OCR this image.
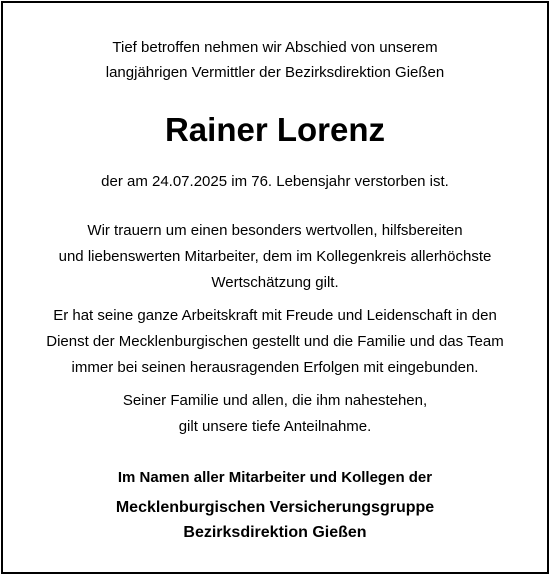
Tief betroffen nehmen wir Abschied von unserem
langjährigen Vermittler der Bezirksdirektion Gießen
Rainer Lorenz
der am 24.07.2025 im 76. Lebensjahr verstorben ist.
Wir trauern um einen besonders wertvollen, hilfsbereiten
und liebenswerten Mitarbeiter, dem im Kollegenkreis allerhöchste
Wertschätzung gilt.
Er hat seine ganze Arbeitskraft mit Freude und Leidenschaft in den
Dienst der Mecklenburgischen gestellt und die Familie und das Team
immer bei seinen herausragenden Erfolgen mit eingebunden.
Seiner Familie und allen, die ihm nahestehen,
gilt unsere tiefe Anteilnahme.
Im Namen aller Mitarbeiter und Kollegen der
Mecklenburgischen Versicherungsgruppe
Bezirksdirektion Gießen
